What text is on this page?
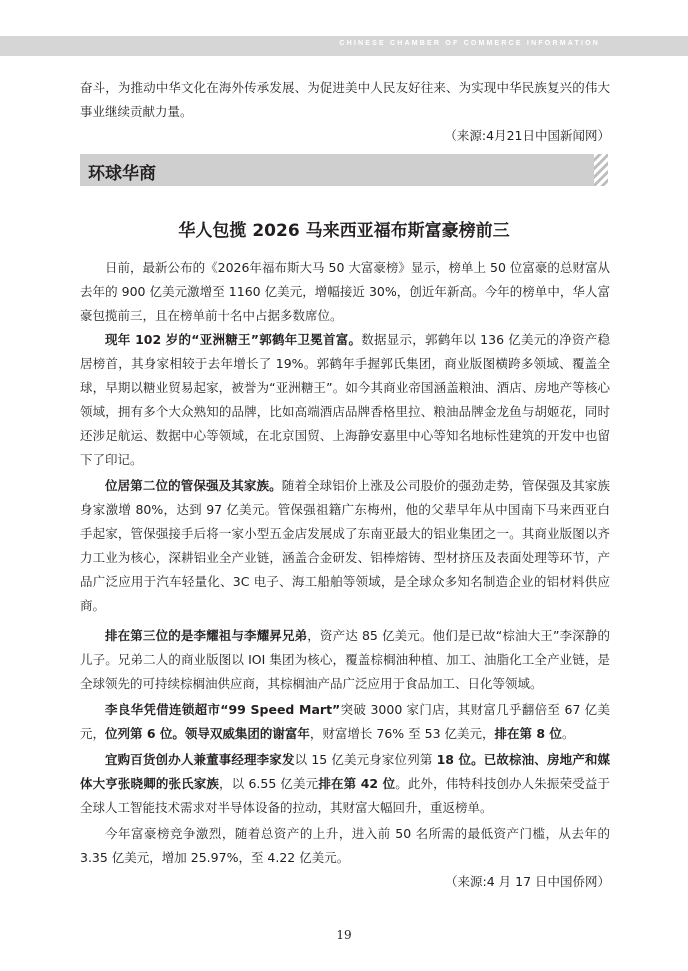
CHINESE CHAMBER OF COMMERCE INFORMATION
奋斗，为推动中华文化在海外传承发展、为促进美中人民友好往来、为实现中华民族复兴的伟大事业继续贡献力量。
（来源:4月21日中国新闻网）
环球华商
华人包揽 2026 马来西亚福布斯富豪榜前三
日前，最新公布的《2026年福布斯大马 50 大富豪榜》显示，榜单上 50 位富豪的总财富从去年的 900 亿美元激增至 1160 亿美元，增幅接近 30%，创近年新高。今年的榜单中，华人富豪包揽前三，且在榜单前十名中占据多数席位。
现年 102 岁的“亚洲糖王”郭鹤年卫冕首富。数据显示，郭鹤年以 136 亿美元的净资产稳居榜首，其身家相较于去年增长了 19%。郭鹤年手握郭氏集团，商业版图横跨多领域、覆盖全球，早期以糖业贸易起家，被誉为“亚洲糖王”。如今其商业帝国涵盖粮油、酒店、房地产等核心领域，拥有多个大众熟知的品牌，比如高端酒店品牌香格里拉、粮油品牌金龙鱼与胡姬花，同时还涉足航运、数据中心等领域，在北京国贸、上海静安嘉里中心等知名地标性建筑的开发中也留下了印记。
位居第二位的管保强及其家族。随着全球铝价上涨及公司股价的强劲走势，管保强及其家族身家激增 80%，达到 97 亿美元。管保强祖籍广东梅州，他的父辈早年从中国南下马来西亚白手起家，管保强接手后将一家小型五金店发展成了东南亚最大的铝业集团之一。其商业版图以齐力工业为核心，深耕铝业全产业链，涵盖合金研发、铝棒熔铸、型材挤压及表面处理等环节，产品广泛应用于汽车轻量化、3C 电子、海工船舶等领域，是全球众多知名制造企业的铝材料供应商。
排在第三位的是李耀祖与李耀昇兄弟，资产达 85 亿美元。他们是已故“棕油大王”李深静的儿子。兄弟二人的商业版图以 IOI 集团为核心，覆盖棕榈油种植、加工、油脂化工全产业链，是全球领先的可持续棕榈油供应商，其棕榈油产品广泛应用于食品加工、日化等领域。
李良华凭借连锁超市“99 Speed Mart”突破 3000 家门店，其财富几乎翻倍至 67 亿美元，位列第 6 位。领导双威集团的谢富年，财富增长 76% 至 53 亿美元，排在第 8 位。
宜购百货创办人兼董事经理李家发以 15 亿美元身家位列第 18 位。已故棕油、房地产和媒体大亨张晓卿的张氏家族，以 6.55 亿美元排在第 42 位。此外，伟特科技创办人朱振荣受益于全球人工智能技术需求对半导体设备的拉动，其财富大幅回升，重返榜单。
今年富豪榜竞争激烈，随着总资产的上升，进入前 50 名所需的最低资产门槛，从去年的 3.35 亿美元，增加 25.97%，至 4.22 亿美元。
（来源:4 月 17 日中国侨网）
19
